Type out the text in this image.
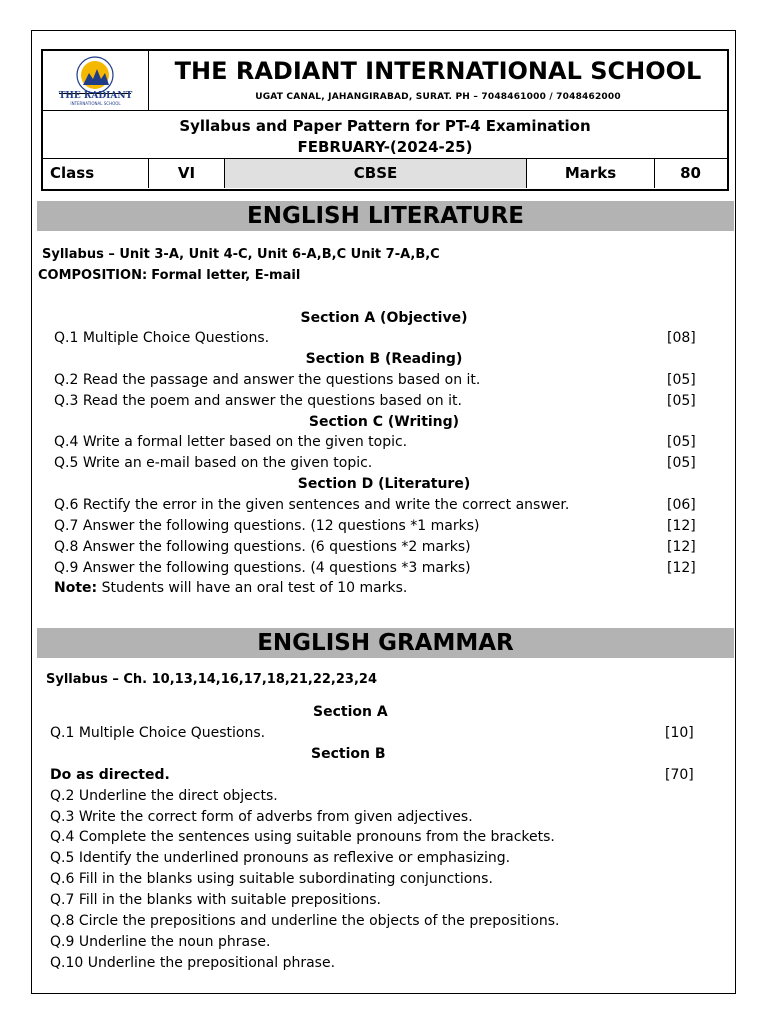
THE RADIANT
INTERNATIONAL SCHOOL
THE RADIANT INTERNATIONAL SCHOOL
UGAT CANAL, JAHANGIRABAD, SURAT. PH – 7048461000 / 7048462000
Syllabus and Paper Pattern for PT-4 Examination
FEBRUARY-(2024-25)
Class	VI	CBSE	Marks	80
ENGLISH LITERATURE
Syllabus – Unit 3-A, Unit 4-C, Unit 6-A,B,C Unit 7-A,B,C
COMPOSITION: Formal letter, E-mail
Section A (Objective)
Q.1 Multiple Choice Questions.	[08]
Section B (Reading)
Q.2 Read the passage and answer the questions based on it.	[05]
Q.3 Read the poem and answer the questions based on it.	[05]
Section C (Writing)
Q.4 Write a formal letter based on the given topic.	[05]
Q.5 Write an e-mail based on the given topic.	[05]
Section D (Literature)
Q.6 Rectify the error in the given sentences and write the correct answer.	[06]
Q.7 Answer the following questions. (12 questions *1 marks)	[12]
Q.8 Answer the following questions. (6 questions *2 marks)	[12]
Q.9 Answer the following questions. (4 questions *3 marks)	[12]
Note: Students will have an oral test of 10 marks.
ENGLISH GRAMMAR
Syllabus – Ch. 10,13,14,16,17,18,21,22,23,24
Section A
Q.1 Multiple Choice Questions.	[10]
Section B
Do as directed.	[70]
Q.2 Underline the direct objects.
Q.3 Write the correct form of adverbs from given adjectives.
Q.4 Complete the sentences using suitable pronouns from the brackets.
Q.5 Identify the underlined pronouns as reflexive or emphasizing.
Q.6 Fill in the blanks using suitable subordinating conjunctions.
Q.7 Fill in the blanks with suitable prepositions.
Q.8 Circle the prepositions and underline the objects of the prepositions.
Q.9 Underline the noun phrase.
Q.10 Underline the prepositional phrase.
